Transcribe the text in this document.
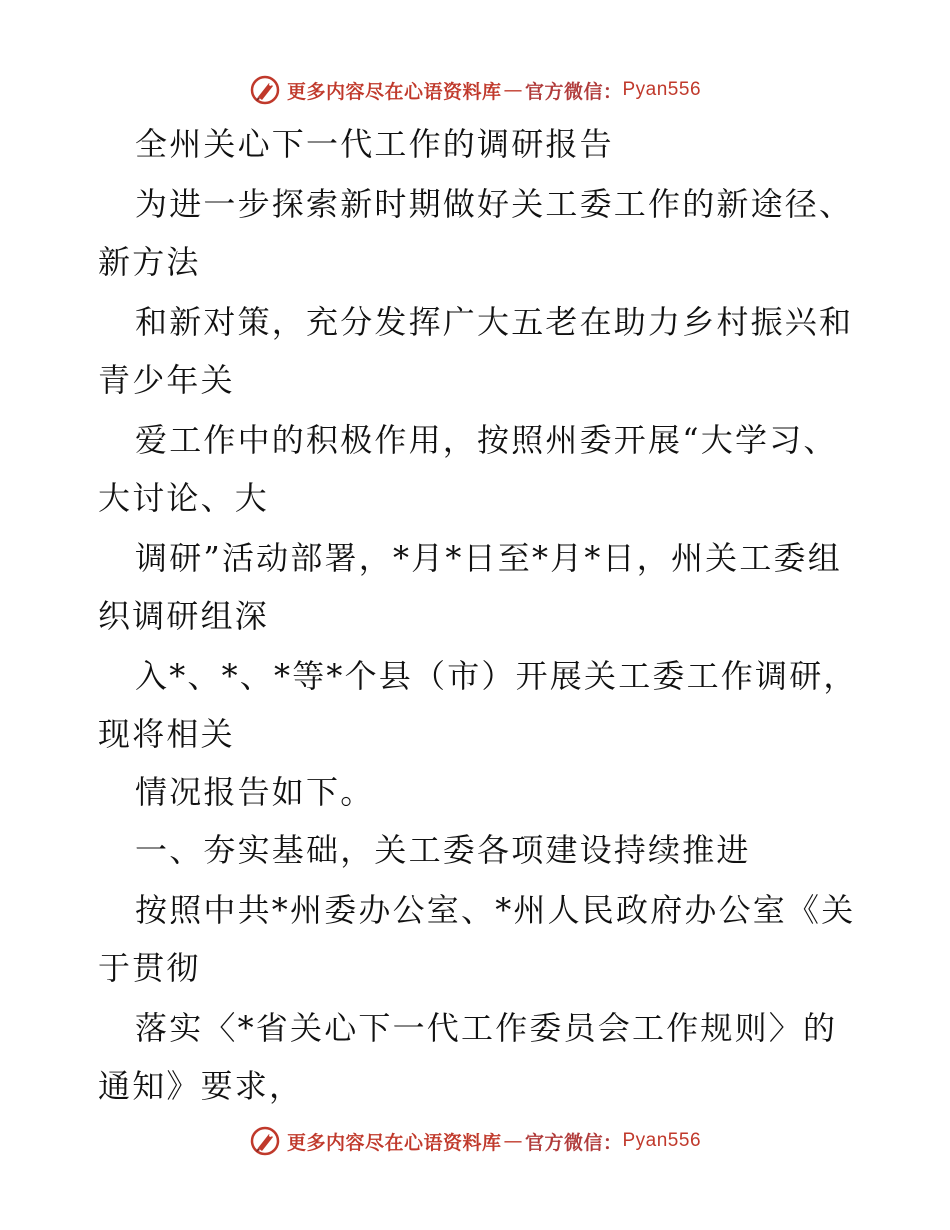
更多内容尽在心语资料库 — 官方微信： Pyan556
全州关心下一代工作的调研报告
为进一步探索新时期做好关工委工作的新途径、
新方法
和新对策，充分发挥广大五老在助力乡村振兴和
青少年关
爱工作中的积极作用，按照州委开展“大学习、
大讨论、大
调研”活动部署，*月*日至*月*日，州关工委组
织调研组深
入*、*、*等*个县（市）开展关工委工作调研，
现将相关
情况报告如下。
一、夯实基础，关工委各项建设持续推进
按照中共*州委办公室、*州人民政府办公室《关
于贯彻
落实〈*省关心下一代工作委员会工作规则〉的
通知》要求，
更多内容尽在心语资料库 — 官方微信： Pyan556
